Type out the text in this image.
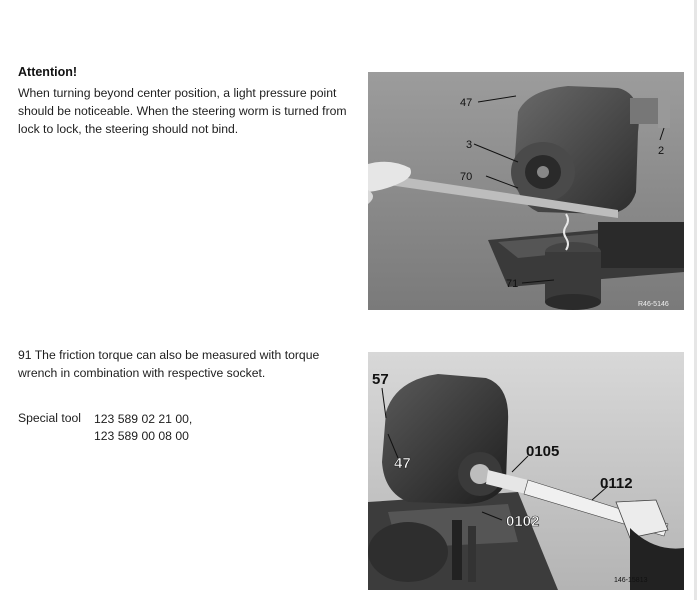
Attention!
When turning beyond center position, a light pressure point should be noticeable. When the steering worm is turned from lock to lock, the steering should not bind.
91 The friction torque can also be measured with torque wrench in combination with respective socket.
Special tool 123 589 02 21 00,
123 589 00 08 00
47
3	2
70
71
R46-5146
57
47
0105
0112
0102
146-15813
